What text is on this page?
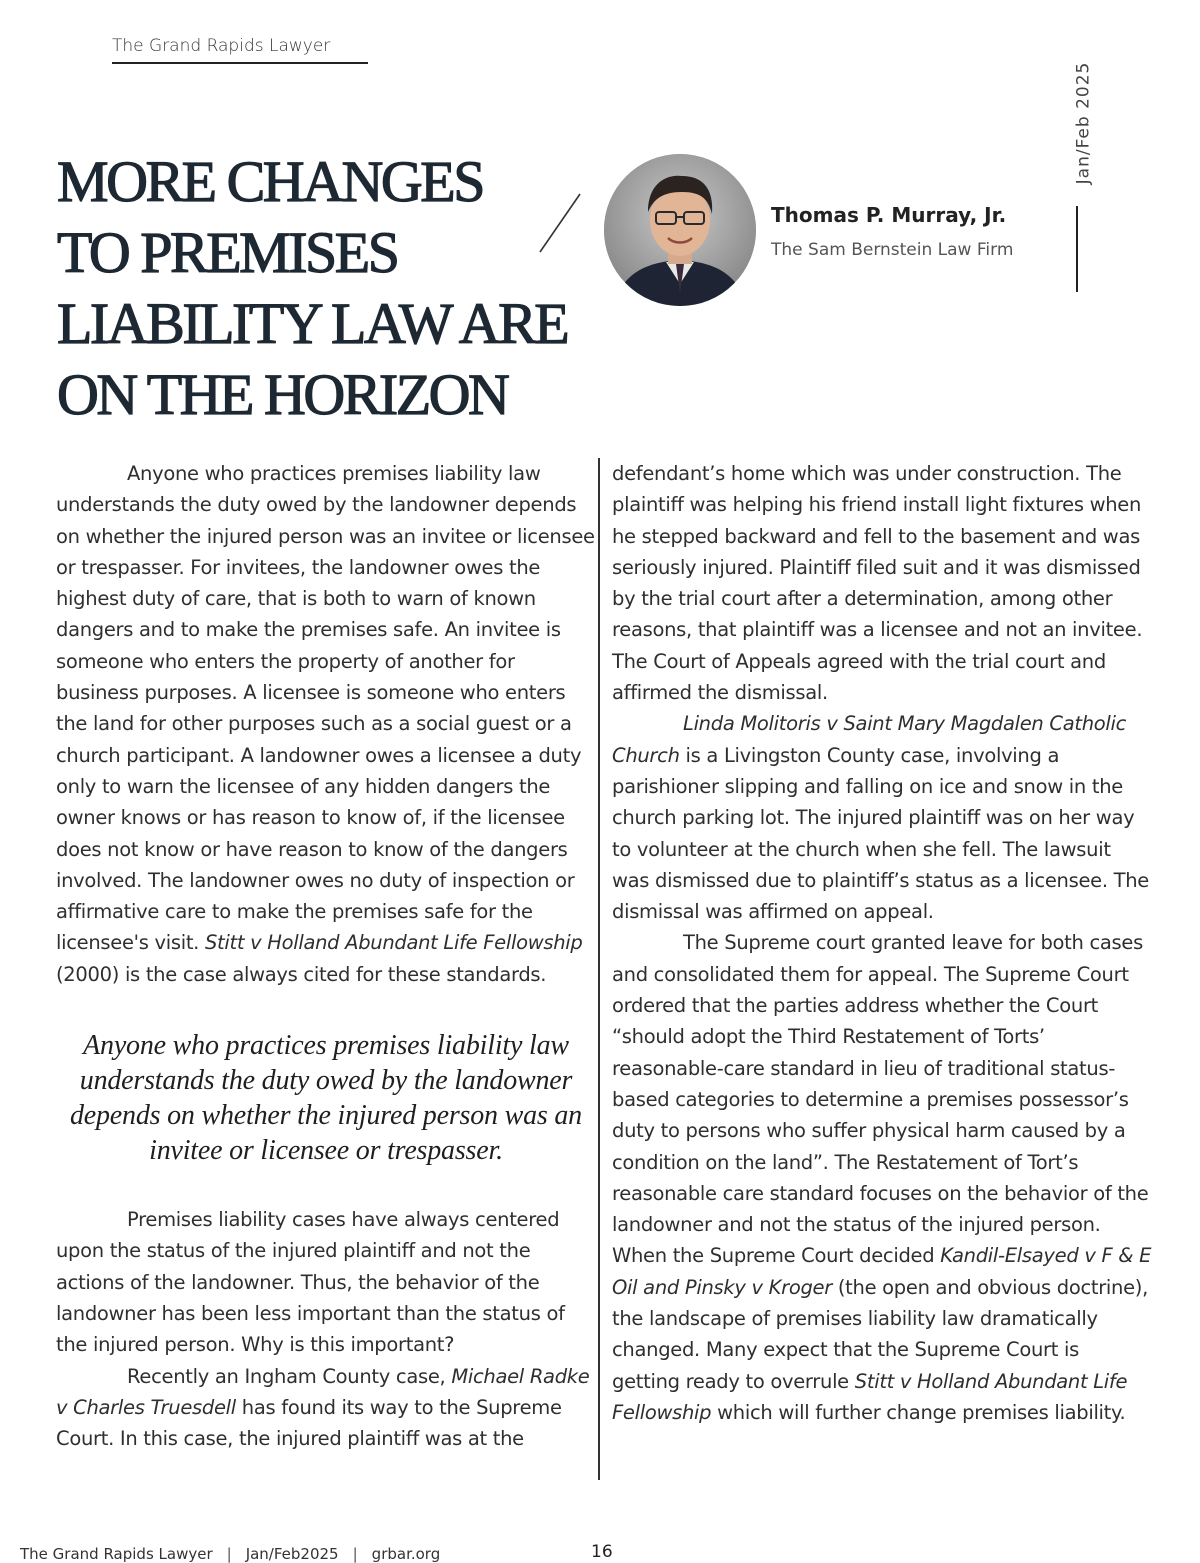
The Grand Rapids Lawyer
Jan/Feb 2025
MORE CHANGES
TO PREMISES
LIABILITY LAW ARE
ON THE HORIZON
Thomas P. Murray, Jr.
The Sam Bernstein Law Firm

Anyone who practices premises liability law understands the duty owed by the landowner depends on whether the injured person was an invitee or licensee or trespasser. For invitees, the landowner owes the highest duty of care, that is both to warn of known dangers and to make the premises safe. An invitee is someone who enters the property of another for business purposes. A licensee is someone who enters the land for other purposes such as a social guest or a church participant. A landowner owes a licensee a duty only to warn the licensee of any hidden dangers the owner knows or has reason to know of, if the licensee does not know or have reason to know of the dangers involved. The landowner owes no duty of inspection or affirmative care to make the premises safe for the licensee's visit. Stitt v Holland Abundant Life Fellowship (2000) is the case always cited for these standards.

Anyone who practices premises liability law understands the duty owed by the landowner depends on whether the injured person was an invitee or licensee or trespasser.

Premises liability cases have always centered upon the status of the injured plaintiff and not the actions of the landowner. Thus, the behavior of the landowner has been less important than the status of the injured person. Why is this important?

Recently an Ingham County case, Michael Radke v Charles Truesdell has found its way to the Supreme Court. In this case, the injured plaintiff was at the

defendant’s home which was under construction. The plaintiff was helping his friend install light fixtures when he stepped backward and fell to the basement and was seriously injured. Plaintiff filed suit and it was dismissed by the trial court after a determination, among other reasons, that plaintiff was a licensee and not an invitee. The Court of Appeals agreed with the trial court and affirmed the dismissal.

Linda Molitoris v Saint Mary Magdalen Catholic Church is a Livingston County case, involving a parishioner slipping and falling on ice and snow in the church parking lot. The injured plaintiff was on her way to volunteer at the church when she fell. The lawsuit was dismissed due to plaintiff’s status as a licensee. The dismissal was affirmed on appeal.

The Supreme court granted leave for both cases and consolidated them for appeal. The Supreme Court ordered that the parties address whether the Court “should adopt the Third Restatement of Torts’ reasonable-care standard in lieu of traditional status-based categories to determine a premises possessor’s duty to persons who suffer physical harm caused by a condition on the land”. The Restatement of Tort’s reasonable care standard focuses on the behavior of the landowner and not the status of the injured person. When the Supreme Court decided Kandil-Elsayed v F & E Oil and Pinsky v Kroger (the open and obvious doctrine), the landscape of premises liability law dramatically changed. Many expect that the Supreme Court is getting ready to overrule Stitt v Holland Abundant Life Fellowship which will further change premises liability.

The Grand Rapids Lawyer | Jan/Feb2025 | grbar.org	16
